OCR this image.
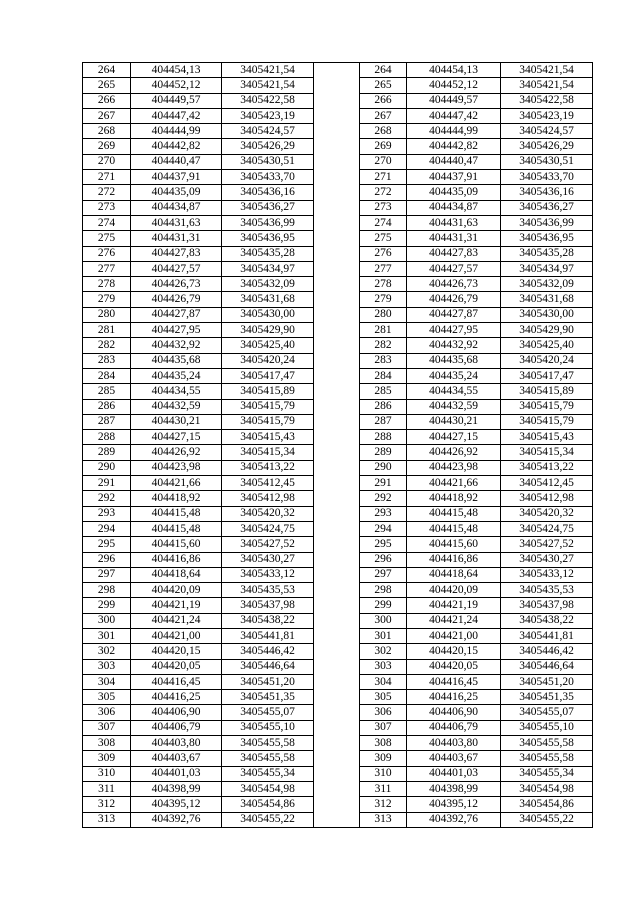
264	404454,13	3405421,54		264	404454,13	3405421,54
265	404452,12	3405421,54		265	404452,12	3405421,54
266	404449,57	3405422,58		266	404449,57	3405422,58
267	404447,42	3405423,19		267	404447,42	3405423,19
268	404444,99	3405424,57		268	404444,99	3405424,57
269	404442,82	3405426,29		269	404442,82	3405426,29
270	404440,47	3405430,51		270	404440,47	3405430,51
271	404437,91	3405433,70		271	404437,91	3405433,70
272	404435,09	3405436,16		272	404435,09	3405436,16
273	404434,87	3405436,27		273	404434,87	3405436,27
274	404431,63	3405436,99		274	404431,63	3405436,99
275	404431,31	3405436,95		275	404431,31	3405436,95
276	404427,83	3405435,28		276	404427,83	3405435,28
277	404427,57	3405434,97		277	404427,57	3405434,97
278	404426,73	3405432,09		278	404426,73	3405432,09
279	404426,79	3405431,68		279	404426,79	3405431,68
280	404427,87	3405430,00		280	404427,87	3405430,00
281	404427,95	3405429,90		281	404427,95	3405429,90
282	404432,92	3405425,40		282	404432,92	3405425,40
283	404435,68	3405420,24		283	404435,68	3405420,24
284	404435,24	3405417,47		284	404435,24	3405417,47
285	404434,55	3405415,89		285	404434,55	3405415,89
286	404432,59	3405415,79		286	404432,59	3405415,79
287	404430,21	3405415,79		287	404430,21	3405415,79
288	404427,15	3405415,43		288	404427,15	3405415,43
289	404426,92	3405415,34		289	404426,92	3405415,34
290	404423,98	3405413,22		290	404423,98	3405413,22
291	404421,66	3405412,45		291	404421,66	3405412,45
292	404418,92	3405412,98		292	404418,92	3405412,98
293	404415,48	3405420,32		293	404415,48	3405420,32
294	404415,48	3405424,75		294	404415,48	3405424,75
295	404415,60	3405427,52		295	404415,60	3405427,52
296	404416,86	3405430,27		296	404416,86	3405430,27
297	404418,64	3405433,12		297	404418,64	3405433,12
298	404420,09	3405435,53		298	404420,09	3405435,53
299	404421,19	3405437,98		299	404421,19	3405437,98
300	404421,24	3405438,22		300	404421,24	3405438,22
301	404421,00	3405441,81		301	404421,00	3405441,81
302	404420,15	3405446,42		302	404420,15	3405446,42
303	404420,05	3405446,64		303	404420,05	3405446,64
304	404416,45	3405451,20		304	404416,45	3405451,20
305	404416,25	3405451,35		305	404416,25	3405451,35
306	404406,90	3405455,07		306	404406,90	3405455,07
307	404406,79	3405455,10		307	404406,79	3405455,10
308	404403,80	3405455,58		308	404403,80	3405455,58
309	404403,67	3405455,58		309	404403,67	3405455,58
310	404401,03	3405455,34		310	404401,03	3405455,34
311	404398,99	3405454,98		311	404398,99	3405454,98
312	404395,12	3405454,86		312	404395,12	3405454,86
313	404392,76	3405455,22		313	404392,76	3405455,22
